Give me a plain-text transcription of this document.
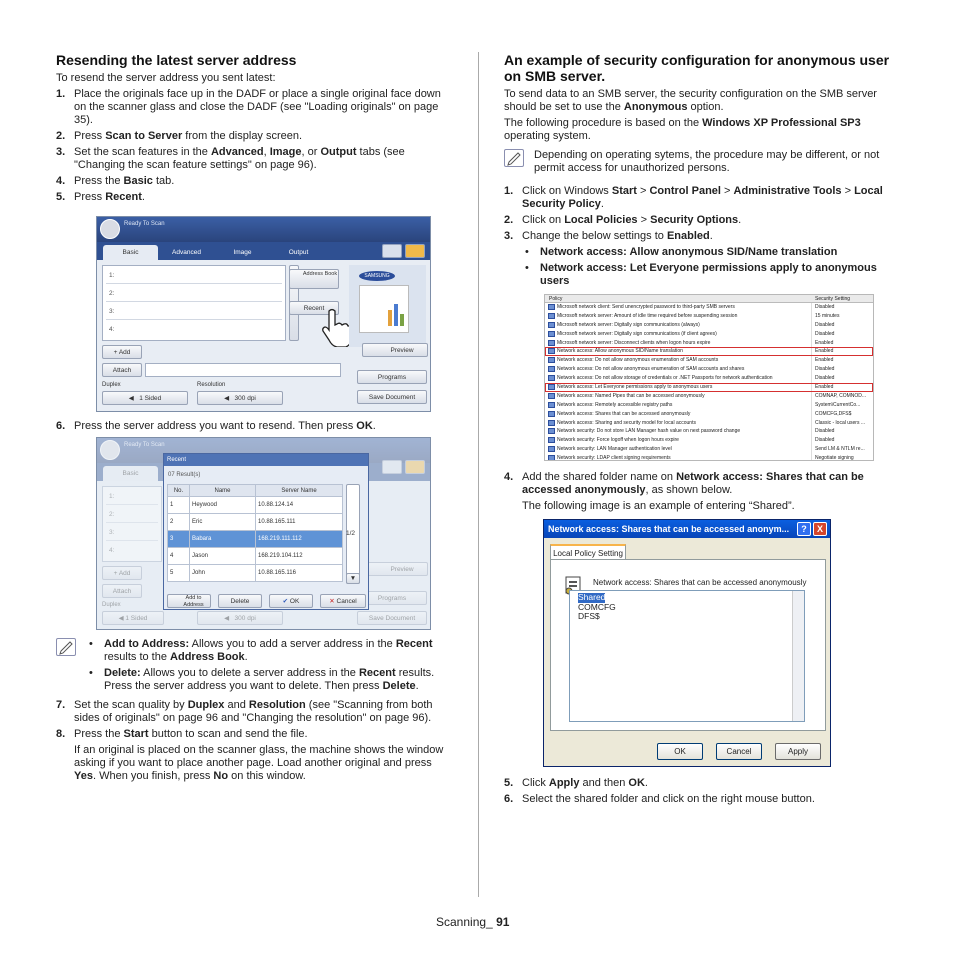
Resending the latest server address

To resend the server address you sent latest:

1. Place the originals face up in the DADF or place a single original face down on the scanner glass and close the DADF (see "Loading originals" on page 35).
2. Press Scan to Server from the display screen.
3. Set the scan features in the Advanced, Image, or Output tabs (see "Changing the scan feature settings" on page 96).
4. Press the Basic tab.
5. Press Recent.
Ready To Scan
Basic	Advanced	Image	Output
1:
2:
3:
4:
Address Book
Recent
SAMSUNG
+ Add
Attach
Preview
Duplex	Resolution
◀   1 Sided	◀   300 dpi
Programs
Save Document
6. Press the server address you want to resend. Then press OK.
Recent
07 Result(s)
No.	Name	Server Name
1	Heywood	10.88.124.14
2	Eric	10.88.165.111
3	Babara	168.219.111.112
4	Jason	168.219.104.112
5	John	10.88.165.116
1/2
▼
Add to Address	Delete	✔ OK	✕ Cancel
• Add to Address: Allows you to add a server address in the Recent results to the Address Book.
• Delete: Allows you to delete a server address in the Recent results. Press the server address you want to delete. Then press Delete.
7. Set the scan quality by Duplex and Resolution (see "Scanning from both sides of originals" on page 96 and "Changing the resolution" on page 96).
8. Press the Start button to scan and send the file.

If an original is placed on the scanner glass, the machine shows the window asking if you want to place another page. Load another original and press Yes. When you finish, press No on this window.

An example of security configuration for anonymous user on SMB server.

To send data to an SMB server, the security configuration on the SMB server should be set to use the Anonymous option.

The following procedure is based on the Windows XP Professional SP3 operating system.

Depending on operating sytems, the procedure may be different, or not permit access for unauthorized persons.

1. Click on Windows Start > Control Panel > Administrative Tools > Local Security Policy.
2. Click on Local Policies > Security Options.
3. Change the below settings to Enabled.
• Network access: Allow anonymous SID/Name translation
• Network access: Let Everyone permissions apply to anonymous users
Policy	Security Setting
Microsoft network client: Send unencrypted password to third-party SMB servers	Disabled
Microsoft network server: Amount of idle time required before suspending session	15 minutes
Microsoft network server: Digitally sign communications (always)	Disabled
Microsoft network server: Digitally sign communications (if client agrees)	Disabled
Microsoft network server: Disconnect clients when logon hours expire	Enabled
Network access: Allow anonymous SID/Name translation	Enabled
Network access: Do not allow anonymous enumeration of SAM accounts	Enabled
Network access: Do not allow anonymous enumeration of SAM accounts and shares	Disabled
Network access: Do not allow storage of credentials or .NET Passports for network authentication	Disabled
Network access: Let Everyone permissions apply to anonymous users	Enabled
Network access: Named Pipes that can be accessed anonymously	COMNAP, COMNOD...
Network access: Remotely accessible registry paths	System\CurrentCo...
Network access: Shares that can be accessed anonymously	COMCFG,DFS$
Network access: Sharing and security model for local accounts	Classic - local users ...
Network security: Do not store LAN Manager hash value on next password change	Disabled
Network security: Force logoff when logon hours expire	Disabled
Network security: LAN Manager authentication level	Send LM & NTLM re...
Network security: LDAP client signing requirements	Negotiate signing
4. Add the shared folder name on Network access: Shares that can be accessed anonymously, as shown below.

The following image is an example of entering “Shared”.

Network access: Shares that can be accessed anonym...	?	X
Local Policy Setting
Network access: Shares that can be accessed anonymously
Shared
COMCFG
DFS$
OK	Cancel	Apply
5. Click Apply and then OK.
6. Select the shared folder and click on the right mouse button.
Scanning_ 91
